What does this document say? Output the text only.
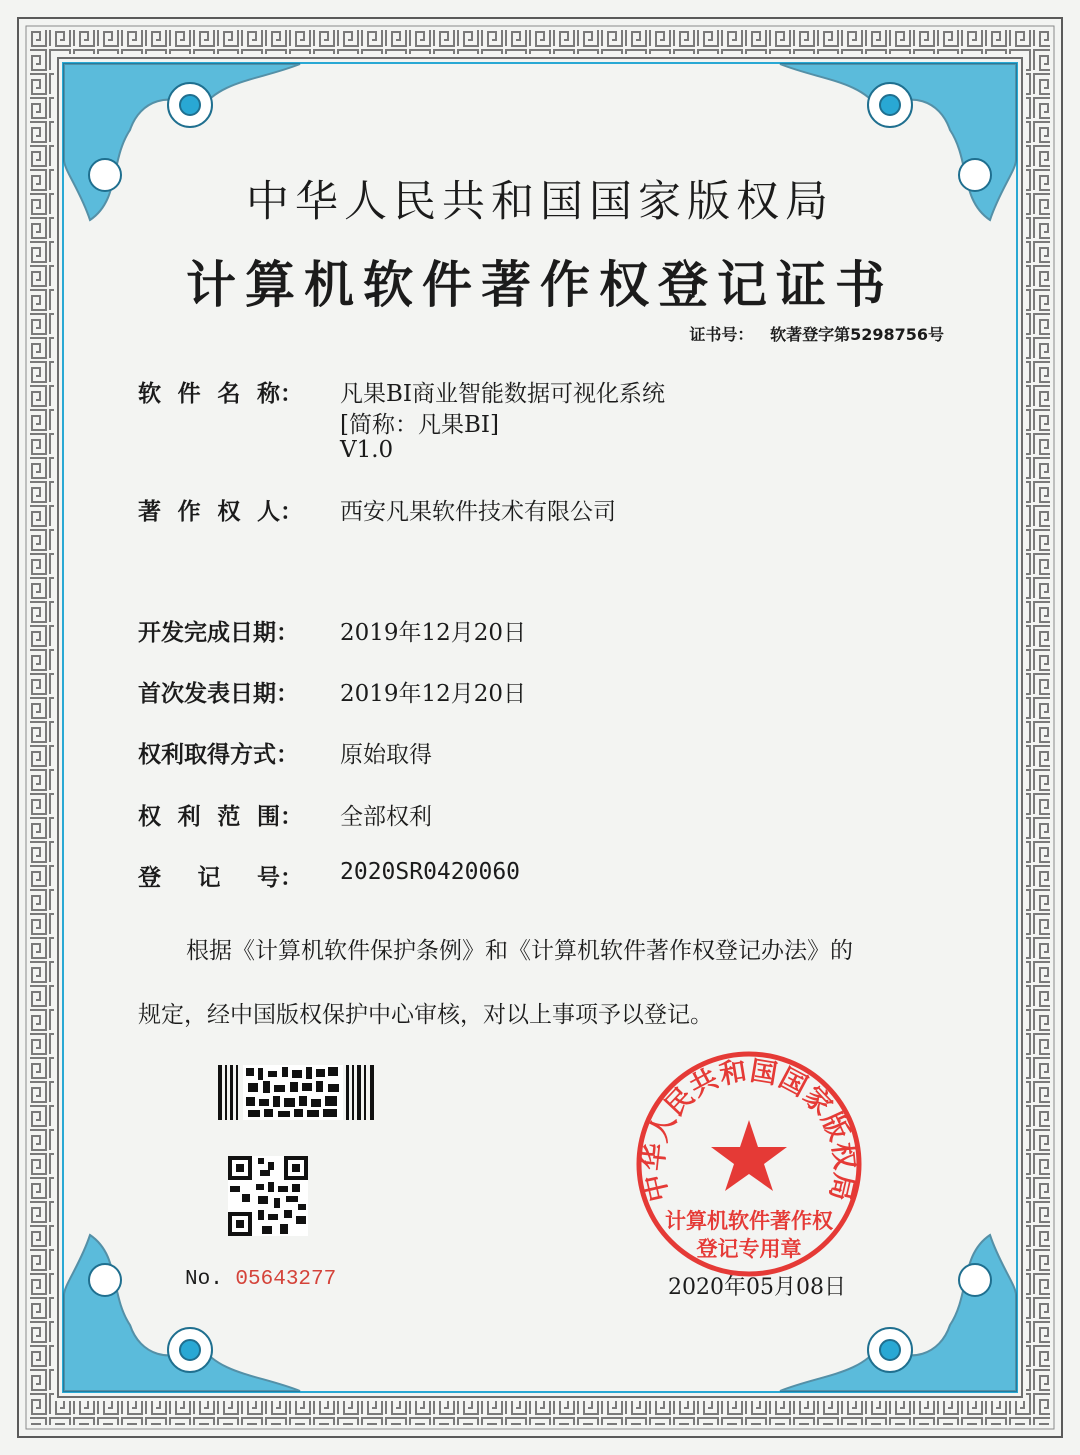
中华人民共和国国家版权局
计算机软件著作权登记证书
证书号： 软著登字第5298756号
软 件 名 称： 凡果BI商业智能数据可视化系统
[简称：凡果BI]
V1.0
著 作 权 人： 西安凡果软件技术有限公司
开发完成日期： 2019年12月20日
首次发表日期： 2019年12月20日
权利取得方式： 原始取得
权 利 范 围： 全部权利
登 记 号： 2020SR0420060
根据《计算机软件保护条例》和《计算机软件著作权登记办法》的
规定，经中国版权保护中心审核，对以上事项予以登记。
No. 05643277
中华人民共和国国家版权局
计算机软件著作权
登记专用章
2020年05月08日
